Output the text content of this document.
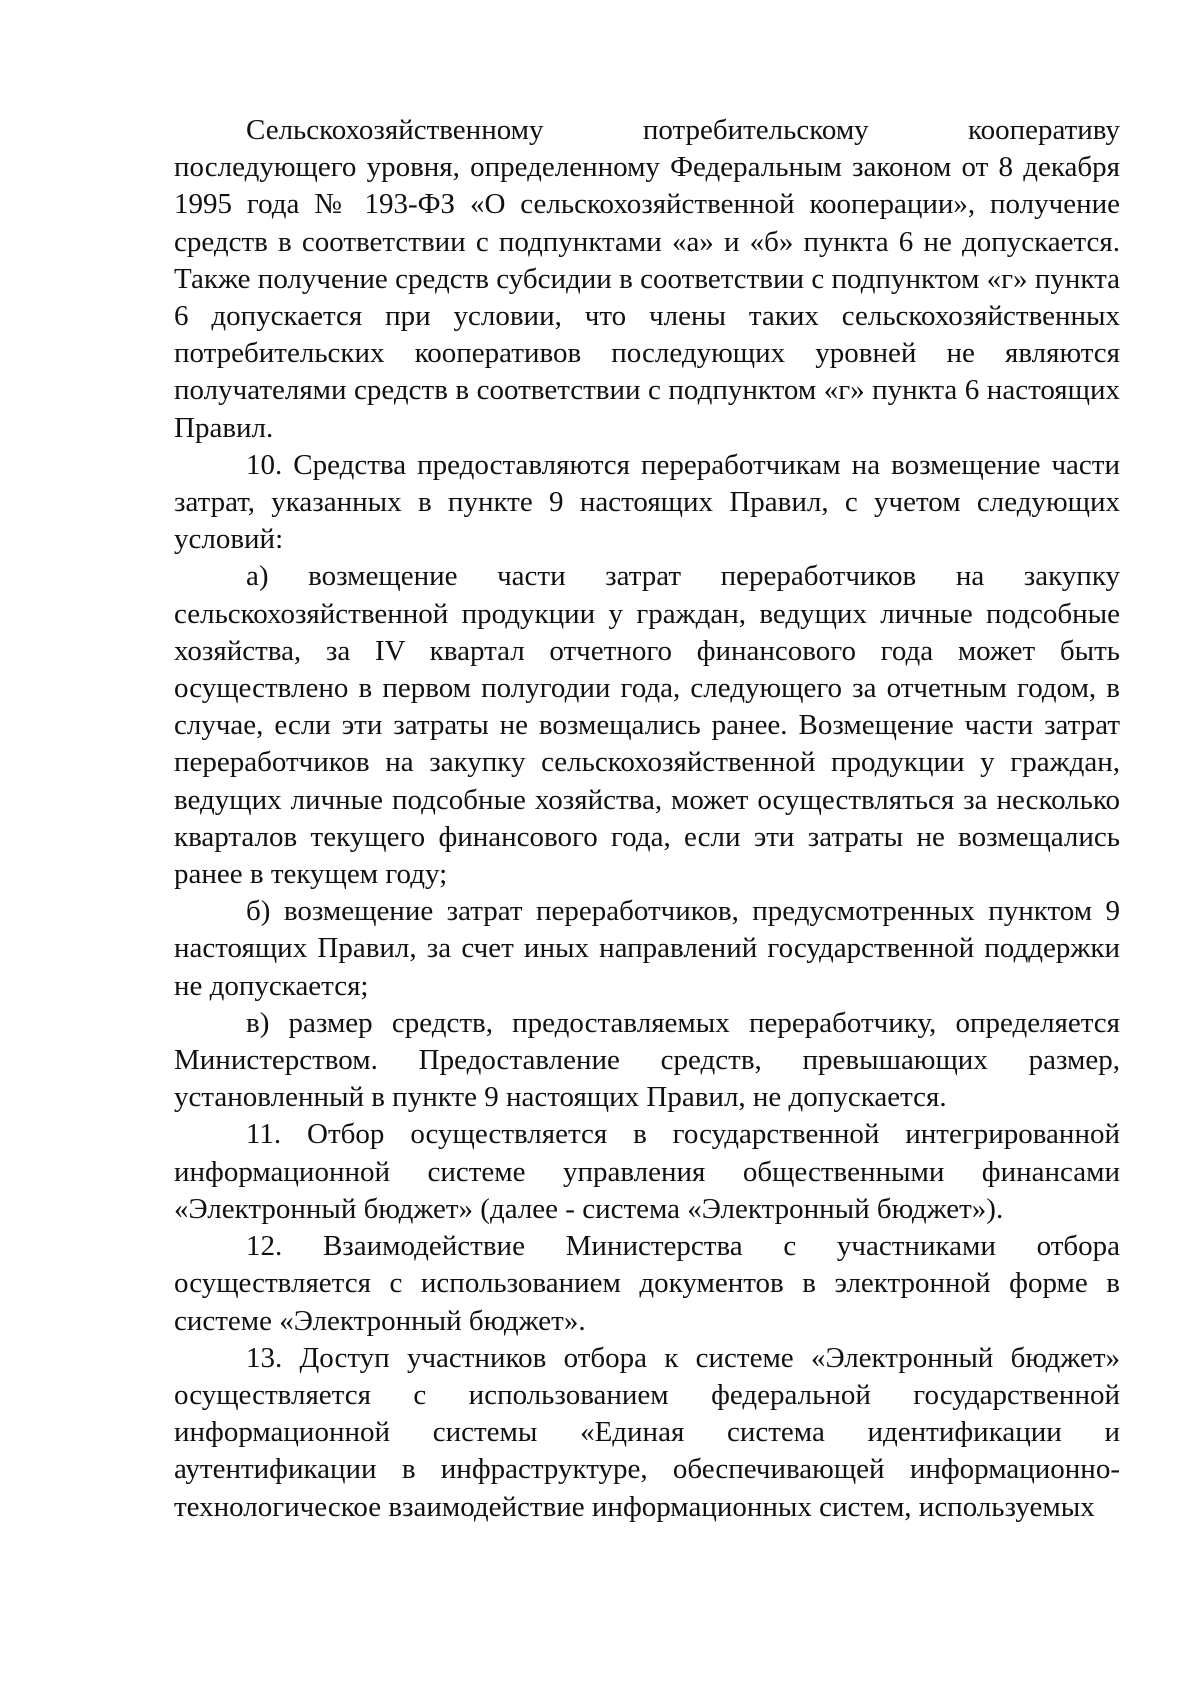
Сельскохозяйственному потребительскому кооперативу последующего уровня, определенному Федеральным законом от 8 декабря 1995 года № 193-ФЗ «О сельскохозяйственной кооперации», получение средств в соответствии с подпунктами «а» и «б» пункта 6 не допускается. Также получение средств субсидии в соответствии с подпунктом «г» пункта 6 допускается при условии, что члены таких сельскохозяйственных потребительских кооперативов последующих уровней не являются получателями средств в соответствии с подпунктом «г» пункта 6 настоящих Правил.

10. Средства предоставляются переработчикам на возмещение части затрат, указанных в пункте 9 настоящих Правил, с учетом следующих условий:

а) возмещение части затрат переработчиков на закупку сельскохозяйственной продукции у граждан, ведущих личные подсобные хозяйства, за IV квартал отчетного финансового года может быть осуществлено в первом полугодии года, следующего за отчетным годом, в случае, если эти затраты не возмещались ранее. Возмещение части затрат переработчиков на закупку сельскохозяйственной продукции у граждан, ведущих личные подсобные хозяйства, может осуществляться за несколько кварталов текущего финансового года, если эти затраты не возмещались ранее в текущем году;

б) возмещение затрат переработчиков, предусмотренных пунктом 9 настоящих Правил, за счет иных направлений государственной поддержки не допускается;

в) размер средств, предоставляемых переработчику, определяется Министерством. Предоставление средств, превышающих размер, установленный в пункте 9 настоящих Правил, не допускается.

11. Отбор осуществляется в государственной интегрированной информационной системе управления общественными финансами «Электронный бюджет» (далее - система «Электронный бюджет»).

12. Взаимодействие Министерства с участниками отбора осуществляется с использованием документов в электронной форме в системе «Электронный бюджет».

13. Доступ участников отбора к системе «Электронный бюджет» осуществляется с использованием федеральной государственной информационной системы «Единая система идентификации и аутентификации в инфраструктуре, обеспечивающей информационно-технологическое взаимодействие информационных систем, используемых
